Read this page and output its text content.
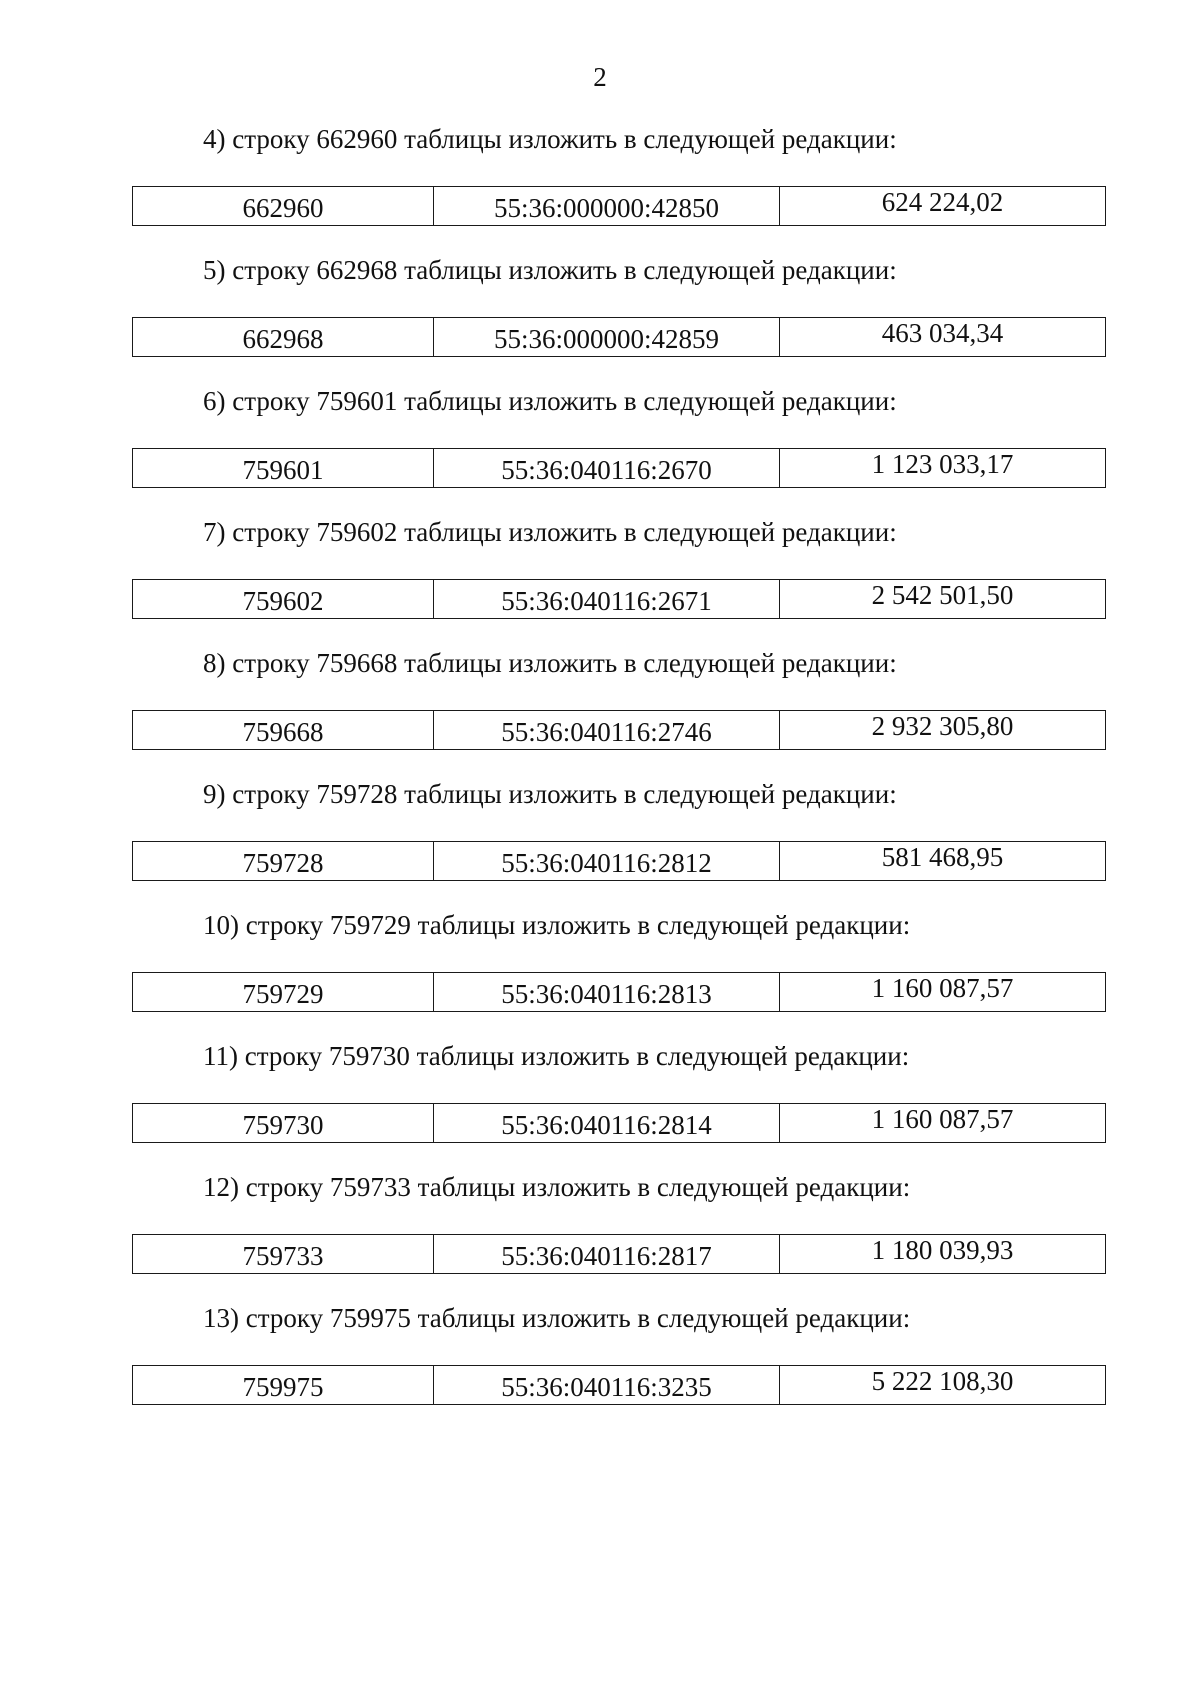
2
4) строку 662960 таблицы изложить в следующей редакции:
662960	55:36:000000:42850	624 224,02
5) строку 662968 таблицы изложить в следующей редакции:
662968	55:36:000000:42859	463 034,34
6) строку 759601 таблицы изложить в следующей редакции:
759601	55:36:040116:2670	1 123 033,17
7) строку 759602 таблицы изложить в следующей редакции:
759602	55:36:040116:2671	2 542 501,50
8) строку 759668 таблицы изложить в следующей редакции:
759668	55:36:040116:2746	2 932 305,80
9) строку 759728 таблицы изложить в следующей редакции:
759728	55:36:040116:2812	581 468,95
10) строку 759729 таблицы изложить в следующей редакции:
759729	55:36:040116:2813	1 160 087,57
11) строку 759730 таблицы изложить в следующей редакции:
759730	55:36:040116:2814	1 160 087,57
12) строку 759733 таблицы изложить в следующей редакции:
759733	55:36:040116:2817	1 180 039,93
13) строку 759975 таблицы изложить в следующей редакции:
759975	55:36:040116:3235	5 222 108,30
